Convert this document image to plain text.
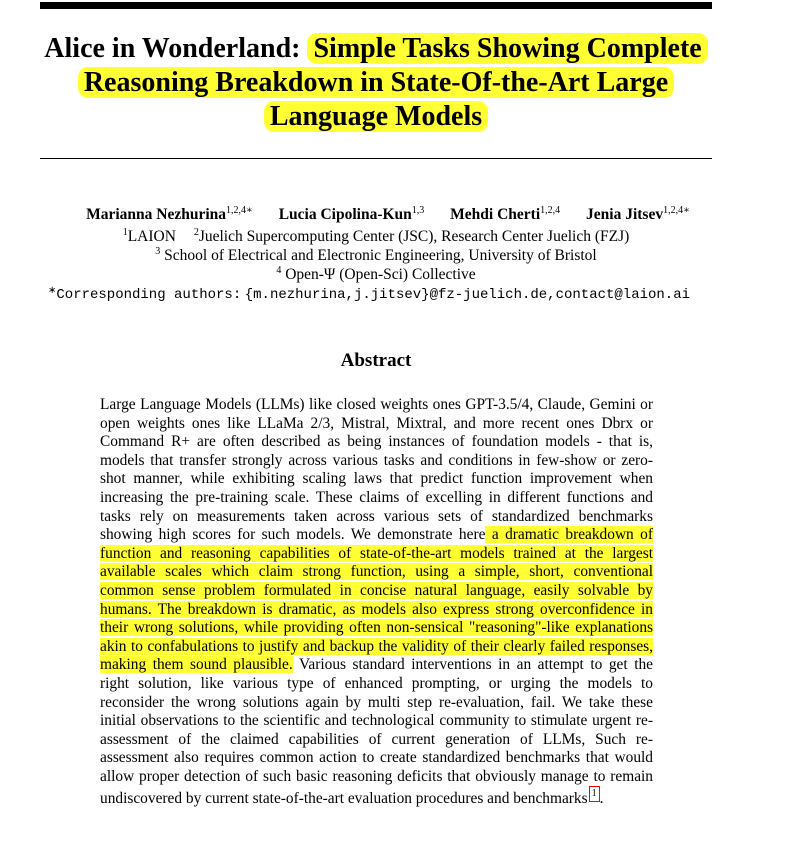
Alice in Wonderland: Simple Tasks Showing Complete
Reasoning Breakdown in State-Of-the-Art Large
Language Models
Marianna Nezhurina$^{1,2,4∗}$ Lucia Cipolina-Kun$^{1,3}$ Mehdi Cherti$^{1,2,4}$ Jenia Jitsev$^{1,2,4∗}$
$^1$LAION $^2$Juelich Supercomputing Center (JSC), Research Center Juelich (FZJ)
$^3$ School of Electrical and Electronic Engineering, University of Bristol
$^4$ Open-Ψ (Open-Sci) Collective
∗Corresponding authors: {m.nezhurina,j.jitsev}@fz-juelich.de,contact@laion.ai
Abstract
Large Language Models (LLMs) like closed weights ones GPT-3.5/4, Claude, Gemini or open weights ones like LLaMa 2/3, Mistral, Mixtral, and more recent ones Dbrx or Command R+ are often described as being instances of foundation models - that is, models that transfer strongly across various tasks and conditions in few-show or zero-shot manner, while exhibiting scaling laws that predict function improvement when increasing the pre-training scale. These claims of excelling in different functions and tasks rely on measurements taken across various sets of standardized benchmarks showing high scores for such models. We demonstrate here a dramatic breakdown of function and reasoning capabilities of state-of-the-art models trained at the largest available scales which claim strong function, using a simple, short, conventional common sense problem formulated in concise natural language, easily solvable by humans. The breakdown is dramatic, as models also express strong overconfidence in their wrong solutions, while providing often non-sensical "reasoning"-like explanations akin to confabulations to justify and backup the validity of their clearly failed responses, making them sound plausible. Various standard interventions in an attempt to get the right solution, like various type of enhanced prompting, or urging the models to reconsider the wrong solutions again by multi step re-evaluation, fail. We take these initial observations to the scientific and technological community to stimulate urgent re-assessment of the claimed capabilities of current generation of LLMs, Such re-assessment also requires common action to create standardized benchmarks that would allow proper detection of such basic reasoning deficits that obviously manage to remain undiscovered by current state-of-the-art evaluation procedures and benchmarks 1 .
